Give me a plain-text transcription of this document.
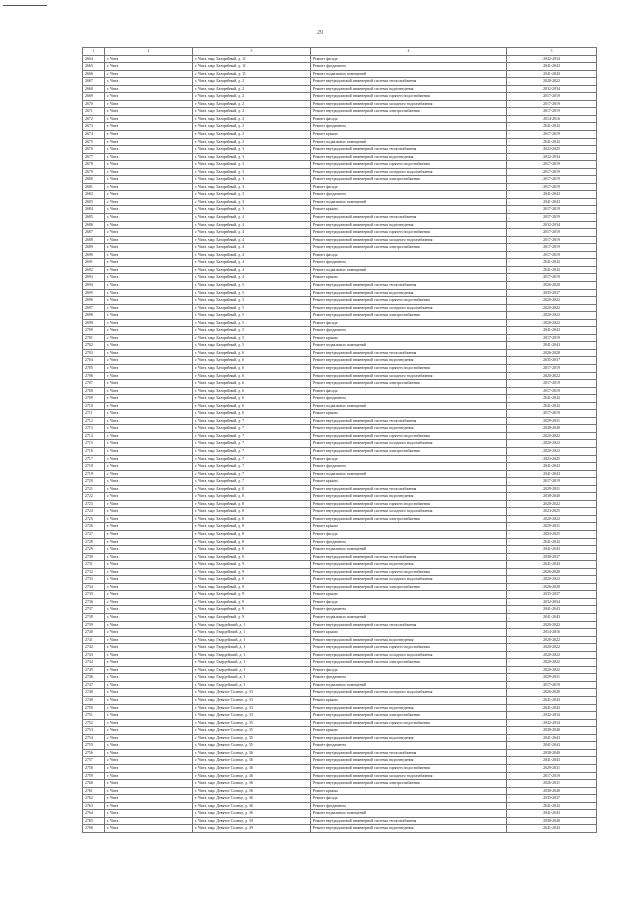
29
1	2	3	4	5
2664	г. Чита	г. Чита, мкр. Батарейный, д. 11	Ремонт фасада	2032-2034
2665	г. Чита	г. Чита, мкр. Батарейный, д. 11	Ремонт фундамента	2041-2043
2666	г. Чита	г. Чита, мкр. Батарейный, д. 11	Ремонт подвальных помещений	2041-2043
2667	г. Чита	г. Чита, мкр. Батарейный, д. 2	Ремонт внутридомовой инженерной системы теплоснабжения	2020-2022
2668	г. Чита	г. Чита, мкр. Батарейный, д. 2	Ремонт внутридомовой инженерной системы водоотведения	2032-2034
2669	г. Чита	г. Чита, мкр. Батарейный, д. 2	Ремонт внутридомовой инженерной системы горячего водоснабжения	2017-2019
2670	г. Чита	г. Чита, мкр. Батарейный, д. 2	Ремонт внутридомовой инженерной системы холодного водоснабжения	2017-2019
2671	г. Чита	г. Чита, мкр. Батарейный, д. 2	Ремонт внутридомовой инженерной системы электроснабжения	2017-2019
2672	г. Чита	г. Чита, мкр. Батарейный, д. 2	Ремонт фасада	2014-2016
2673	г. Чита	г. Чита, мкр. Батарейный, д. 2	Ремонт фундамента	2041-2043
2674	г. Чита	г. Чита, мкр. Батарейный, д. 2	Ремонт крыши	2017-2019
2675	г. Чита	г. Чита, мкр. Батарейный, д. 2	Ремонт подвальных помещений	2041-2043
2676	г. Чита	г. Чита, мкр. Батарейный, д. 3	Ремонт внутридомовой инженерной системы теплоснабжения	2023-2025
2677	г. Чита	г. Чита, мкр. Батарейный, д. 3	Ремонт внутридомовой инженерной системы водоотведения	2032-2034
2678	г. Чита	г. Чита, мкр. Батарейный, д. 3	Ремонт внутридомовой инженерной системы горячего водоснабжения	2017-2019
2679	г. Чита	г. Чита, мкр. Батарейный, д. 3	Ремонт внутридомовой инженерной системы холодного водоснабжения	2017-2019
2680	г. Чита	г. Чита, мкр. Батарейный, д. 3	Ремонт внутридомовой инженерной системы электроснабжения	2017-2019
2681	г. Чита	г. Чита, мкр. Батарейный, д. 3	Ремонт фасада	2017-2019
2682	г. Чита	г. Чита, мкр. Батарейный, д. 3	Ремонт фундамента	2041-2043
2683	г. Чита	г. Чита, мкр. Батарейный, д. 3	Ремонт подвальных помещений	2041-2043
2684	г. Чита	г. Чита, мкр. Батарейный, д. 3	Ремонт крыши	2017-2019
2685	г. Чита	г. Чита, мкр. Батарейный, д. 4	Ремонт внутридомовой инженерной системы теплоснабжения	2017-2019
2686	г. Чита	г. Чита, мкр. Батарейный, д. 4	Ремонт внутридомовой инженерной системы водоотведения	2032-2034
2687	г. Чита	г. Чита, мкр. Батарейный, д. 4	Ремонт внутридомовой инженерной системы горячего водоснабжения	2017-2019
2688	г. Чита	г. Чита, мкр. Батарейный, д. 4	Ремонт внутридомовой инженерной системы холодного водоснабжения	2017-2019
2689	г. Чита	г. Чита, мкр. Батарейный, д. 4	Ремонт внутридомовой инженерной системы электроснабжения	2017-2019
2690	г. Чита	г. Чита, мкр. Батарейный, д. 4	Ремонт фасада	2017-2019
2691	г. Чита	г. Чита, мкр. Батарейный, д. 4	Ремонт фундамента	2041-2043
2692	г. Чита	г. Чита, мкр. Батарейный, д. 4	Ремонт подвальных помещений	2041-2043
2693	г. Чита	г. Чита, мкр. Батарейный, д. 4	Ремонт крыши	2017-2019
2694	г. Чита	г. Чита, мкр. Батарейный, д. 5	Ремонт внутридомовой инженерной системы теплоснабжения	2026-2028
2695	г. Чита	г. Чита, мкр. Батарейный, д. 5	Ремонт внутридомовой инженерной системы водоотведения	2035-2037
2696	г. Чита	г. Чита, мкр. Батарейный, д. 5	Ремонт внутридомовой инженерной системы горячего водоснабжения	2020-2022
2697	г. Чита	г. Чита, мкр. Батарейный, д. 5	Ремонт внутридомовой инженерной системы холодного водоснабжения	2020-2022
2698	г. Чита	г. Чита, мкр. Батарейный, д. 5	Ремонт внутридомовой инженерной системы электроснабжения	2020-2022
2699	г. Чита	г. Чита, мкр. Батарейный, д. 5	Ремонт фасада	2020-2022
2700	г. Чита	г. Чита, мкр. Батарейный, д. 5	Ремонт фундамента	2041-2043
2701	г. Чита	г. Чита, мкр. Батарейный, д. 5	Ремонт крыши	2017-2019
2702	г. Чита	г. Чита, мкр. Батарейный, д. 5	Ремонт подвальных помещений	2041-2043
2703	г. Чита	г. Чита, мкр. Батарейный, д. 6	Ремонт внутридомовой инженерной системы теплоснабжения	2026-2028
2704	г. Чита	г. Чита, мкр. Батарейный, д. 6	Ремонт внутридомовой инженерной системы водоотведения	2035-2037
2705	г. Чита	г. Чита, мкр. Батарейный, д. 6	Ремонт внутридомовой инженерной системы горячего водоснабжения	2017-2019
2706	г. Чита	г. Чита, мкр. Батарейный, д. 6	Ремонт внутридомовой инженерной системы холодного водоснабжения	2020-2022
2707	г. Чита	г. Чита, мкр. Батарейный, д. 6	Ремонт внутридомовой инженерной системы электроснабжения	2017-2019
2708	г. Чита	г. Чита, мкр. Батарейный, д. 6	Ремонт фасада	2017-2019
2709	г. Чита	г. Чита, мкр. Батарейный, д. 6	Ремонт фундамента	2041-2043
2710	г. Чита	г. Чита, мкр. Батарейный, д. 6	Ремонт подвальных помещений	2041-2043
2711	г. Чита	г. Чита, мкр. Батарейный, д. 6	Ремонт крыши	2017-2019
2712	г. Чита	г. Чита, мкр. Батарейный, д. 7	Ремонт внутридомовой инженерной системы теплоснабжения	2029-2031
2713	г. Чита	г. Чита, мкр. Батарейный, д. 7	Ремонт внутридомовой инженерной системы водоотведения	2038-2040
2714	г. Чита	г. Чита, мкр. Батарейный, д. 7	Ремонт внутридомовой инженерной системы горячего водоснабжения	2020-2022
2715	г. Чита	г. Чита, мкр. Батарейный, д. 7	Ремонт внутридомовой инженерной системы холодного водоснабжения	2020-2022
2716	г. Чита	г. Чита, мкр. Батарейный, д. 7	Ремонт внутридомовой инженерной системы электроснабжения	2020-2022
2717	г. Чита	г. Чита, мкр. Батарейный, д. 7	Ремонт фасада	2023-2025
2718	г. Чита	г. Чита, мкр. Батарейный, д. 7	Ремонт фундамента	2041-2043
2719	г. Чита	г. Чита, мкр. Батарейный, д. 7	Ремонт подвальных помещений	2041-2043
2720	г. Чита	г. Чита, мкр. Батарейный, д. 7	Ремонт крыши	2017-2019
2721	г. Чита	г. Чита, мкр. Батарейный, д. 8	Ремонт внутридомовой инженерной системы теплоснабжения	2029-2031
2722	г. Чита	г. Чита, мкр. Батарейный, д. 8	Ремонт внутридомовой инженерной системы водоотведения	2038-2040
2723	г. Чита	г. Чита, мкр. Батарейный, д. 8	Ремонт внутридомовой инженерной системы горячего водоснабжения	2020-2022
2724	г. Чита	г. Чита, мкр. Батарейный, д. 8	Ремонт внутридомовой инженерной системы холодного водоснабжения	2023-2025
2725	г. Чита	г. Чита, мкр. Батарейный, д. 8	Ремонт внутридомовой инженерной системы электроснабжения	2020-2022
2726	г. Чита	г. Чита, мкр. Батарейный, д. 8	Ремонт крыши	2029-2031
2727	г. Чита	г. Чита, мкр. Батарейный, д. 8	Ремонт фасада	2023-2025
2728	г. Чита	г. Чита, мкр. Батарейный, д. 8	Ремонт фундамента	2041-2043
2729	г. Чита	г. Чита, мкр. Батарейный, д. 8	Ремонт подвальных помещений	2041-2043
2730	г. Чита	г. Чита, мкр. Батарейный, д. 9	Ремонт внутридомовой инженерной системы теплоснабжения	2038-2037
2731	г. Чита	г. Чита, мкр. Батарейный, д. 9	Ремонт внутридомовой инженерной системы водоотведения	2041-2043
2732	г. Чита	г. Чита, мкр. Батарейный, д. 9	Ремонт внутридомовой инженерной системы горячего водоснабжения	2026-2028
2733	г. Чита	г. Чита, мкр. Батарейный, д. 9	Ремонт внутридомовой инженерной системы холодного водоснабжения	2020-2022
2734	г. Чита	г. Чита, мкр. Батарейный, д. 9	Ремонт внутридомовой инженерной системы электроснабжения	2026-2028
2735	г. Чита	г. Чита, мкр. Батарейный, д. 9	Ремонт крыши	2035-2037
2736	г. Чита	г. Чита, мкр. Батарейный, д. 9	Ремонт фасада	2032-2034
2737	г. Чита	г. Чита, мкр. Батарейный, д. 9	Ремонт фундамента	2041-2043
2738	г. Чита	г. Чита, мкр. Батарейный, д. 9	Ремонт подвальных помещений	2041-2043
2739	г. Чита	г. Чита, мкр. Гвардейский, д. 1	Ремонт внутридомовой инженерной системы теплоснабжения	2020-2022
2740	г. Чита	г. Чита, мкр. Гвардейский, д. 1	Ремонт крыши	2014-2016
2741	г. Чита	г. Чита, мкр. Гвардейский, д. 1	Ремонт внутридомовой инженерной системы водоотведения	2020-2022
2742	г. Чита	г. Чита, мкр. Гвардейский, д. 1	Ремонт внутридомовой инженерной системы горячего водоснабжения	2020-2022
2743	г. Чита	г. Чита, мкр. Гвардейский, д. 1	Ремонт внутридомовой инженерной системы холодного водоснабжения	2020-2022
2744	г. Чита	г. Чита, мкр. Гвардейский, д. 1	Ремонт внутридомовой инженерной системы электроснабжения	2020-2022
2745	г. Чита	г. Чита, мкр. Гвардейский, д. 1	Ремонт фасада	2020-2022
2746	г. Чита	г. Чита, мкр. Гвардейский, д. 1	Ремонт фундамента	2029-2031
2747	г. Чита	г. Чита, мкр. Гвардейский, д. 1	Ремонт подвальных помещений	2017-2019
2748	г. Чита	г. Чита, мкр. Девятое Солнце, д. 33	Ремонт внутридомовой инженерной системы холодного водоснабжения	2026-2028
2749	г. Чита	г. Чита, мкр. Девятое Солнце, д. 33	Ремонт крыши	2041-2043
2750	г. Чита	г. Чита, мкр. Девятое Солнце, д. 33	Ремонт внутридомовой инженерной системы водоотведения	2041-2043
2751	г. Чита	г. Чита, мкр. Девятое Солнце, д. 33	Ремонт внутридомовой инженерной системы электроснабжения	2032-2034
2752	г. Чита	г. Чита, мкр. Девятое Солнце, д. 35	Ремонт внутридомовой инженерной системы горячего водоснабжения	2032-2034
2753	г. Чита	г. Чита, мкр. Девятое Солнце, д. 35	Ремонт крыши	2038-2040
2754	г. Чита	г. Чита, мкр. Девятое Солнце, д. 35	Ремонт внутридомовой инженерной системы водоотведения	2041-2043
2755	г. Чита	г. Чита, мкр. Девятое Солнце, д. 35	Ремонт фундамента	2041-2043
2756	г. Чита	г. Чита, мкр. Девятое Солнце, д. 36	Ремонт внутридомовой инженерной системы теплоснабжения	2038-2040
2757	г. Чита	г. Чита, мкр. Девятое Солнце, д. 36	Ремонт внутридомовой инженерной системы водоотведения	2041-2043
2758	г. Чита	г. Чита, мкр. Девятое Солнце, д. 36	Ремонт внутридомовой инженерной системы горячего водоснабжения	2029-2031
2759	г. Чита	г. Чита, мкр. Девятое Солнце, д. 36	Ремонт внутридомовой инженерной системы холодного водоснабжения	2017-2019
2760	г. Чита	г. Чита, мкр. Девятое Солнце, д. 36	Ремонт внутридомовой инженерной системы электроснабжения	2026-2031
2761	г. Чита	г. Чита, мкр. Девятое Солнце, д. 36	Ремонт крыши	2038-2040
2762	г. Чита	г. Чита, мкр. Девятое Солнце, д. 36	Ремонт фасада	2035-2037
2763	г. Чита	г. Чита, мкр. Девятое Солнце, д. 36	Ремонт фундамента	2041-2043
2764	г. Чита	г. Чита, мкр. Девятое Солнце, д. 36	Ремонт подвальных помещений	2041-2043
2765	г. Чита	г. Чита, мкр. Девятое Солнце, д. 39	Ремонт внутридомовой инженерной системы теплоснабжения	2038-2040
2766	г. Чита	г. Чита, мкр. Девятое Солнце, д. 39	Ремонт внутридомовой инженерной системы водоотведения	2041-2043
